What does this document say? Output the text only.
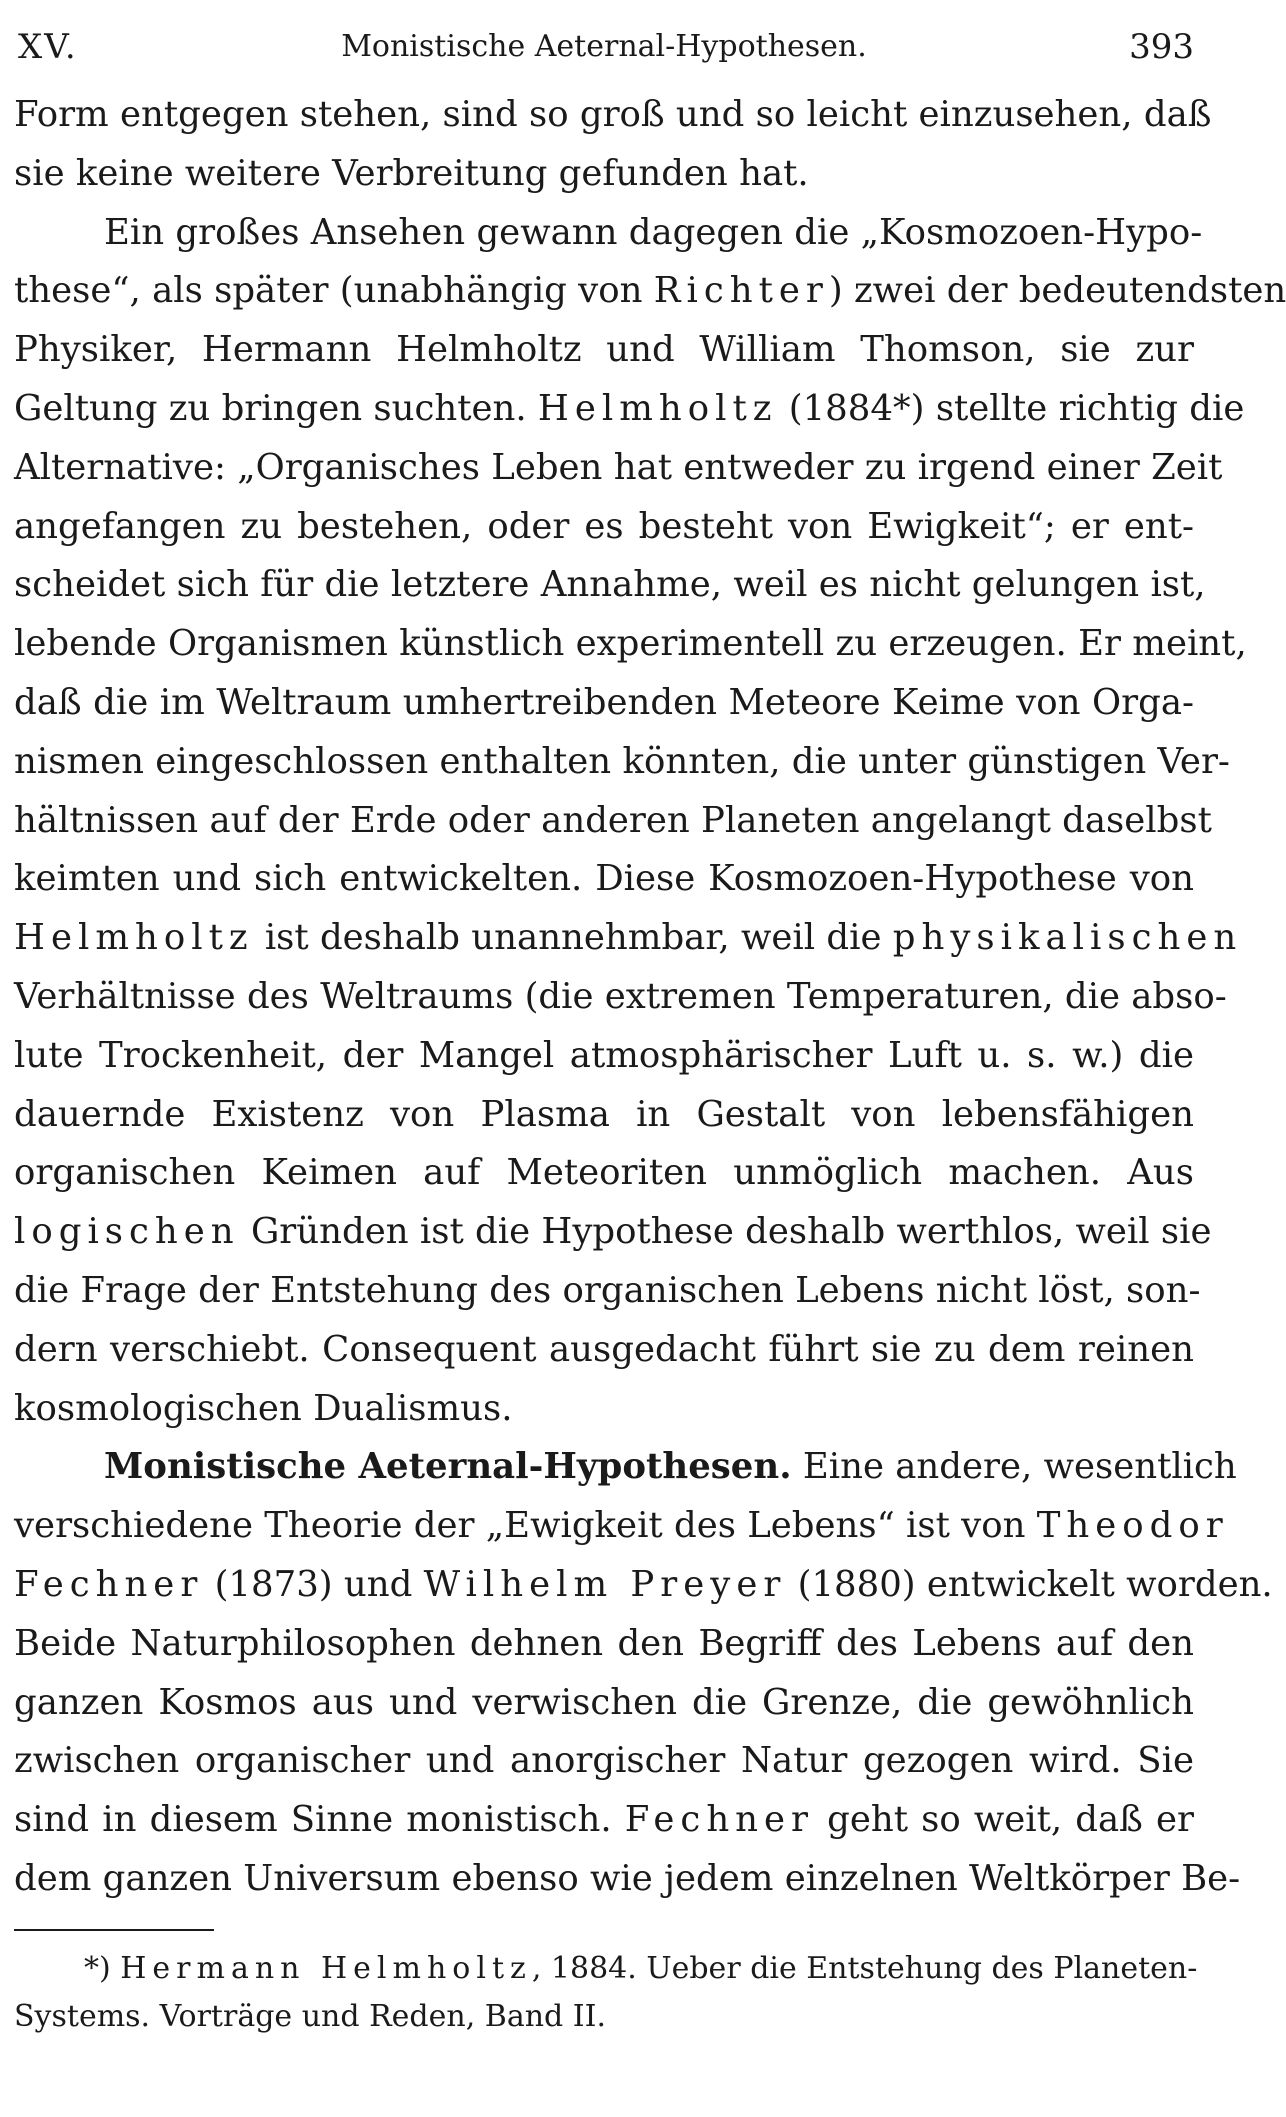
XV.	Monistische Aeternal-Hypothesen.	393
Form entgegen stehen, sind so groß und so leicht einzusehen, daß
sie keine weitere Verbreitung gefunden hat.
Ein großes Ansehen gewann dagegen die „Kosmozoen-Hypo-
these“, als später (unabhängig von Richter) zwei der bedeutendsten
Physiker, Hermann Helmholtz und William Thomson, sie zur
Geltung zu bringen suchten. Helmholtz (1884*) stellte richtig die
Alternative: „Organisches Leben hat entweder zu irgend einer Zeit
angefangen zu bestehen, oder es besteht von Ewigkeit“; er ent-
scheidet sich für die letztere Annahme, weil es nicht gelungen ist,
lebende Organismen künstlich experimentell zu erzeugen. Er meint,
daß die im Weltraum umhertreibenden Meteore Keime von Orga-
nismen eingeschlossen enthalten könnten, die unter günstigen Ver-
hältnissen auf der Erde oder anderen Planeten angelangt daselbst
keimten und sich entwickelten. Diese Kosmozoen-Hypothese von
Helmholtz ist deshalb unannehmbar, weil die physikalischen
Verhältnisse des Weltraums (die extremen Temperaturen, die abso-
lute Trockenheit, der Mangel atmosphärischer Luft u. s. w.) die
dauernde Existenz von Plasma in Gestalt von lebensfähigen
organischen Keimen auf Meteoriten unmöglich machen. Aus
logischen Gründen ist die Hypothese deshalb werthlos, weil sie
die Frage der Entstehung des organischen Lebens nicht löst, son-
dern verschiebt. Consequent ausgedacht führt sie zu dem reinen
kosmologischen Dualismus.
Monistische Aeternal-Hypothesen. Eine andere, wesentlich
verschiedene Theorie der „Ewigkeit des Lebens“ ist von Theodor
Fechner (1873) und Wilhelm Preyer (1880) entwickelt worden.
Beide Naturphilosophen dehnen den Begriff des Lebens auf den
ganzen Kosmos aus und verwischen die Grenze, die gewöhnlich
zwischen organischer und anorgischer Natur gezogen wird. Sie
sind in diesem Sinne monistisch. Fechner geht so weit, daß er
dem ganzen Universum ebenso wie jedem einzelnen Weltkörper Be-
*) Hermann Helmholtz, 1884. Ueber die Entstehung des Planeten-
Systems. Vorträge und Reden, Band II.
